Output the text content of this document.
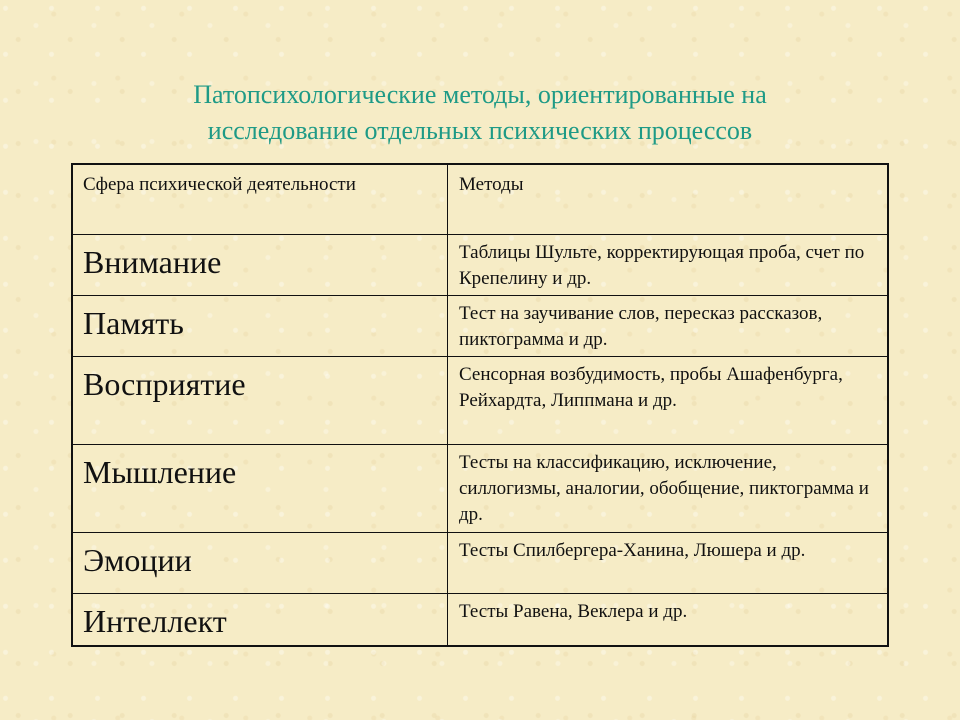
Патопсихологические методы, ориентированные на
исследование отдельных психических процессов
Сфера психической деятельности	Методы
Внимание	Таблицы Шульте, корректирующая проба, счет по Крепелину и др.
Память	Тест на заучивание слов, пересказ рассказов, пиктограмма и др.
Восприятие	Сенсорная возбудимость, пробы Ашафенбурга, Рейхардта, Липпмана и др.
Мышление	Тесты на классификацию, исключение, силлогизмы, аналогии, обобщение, пиктограмма и др.
Эмоции	Тесты Спилбергера-Ханина, Люшера и др.
Интеллект	Тесты Равена, Веклера и др.
